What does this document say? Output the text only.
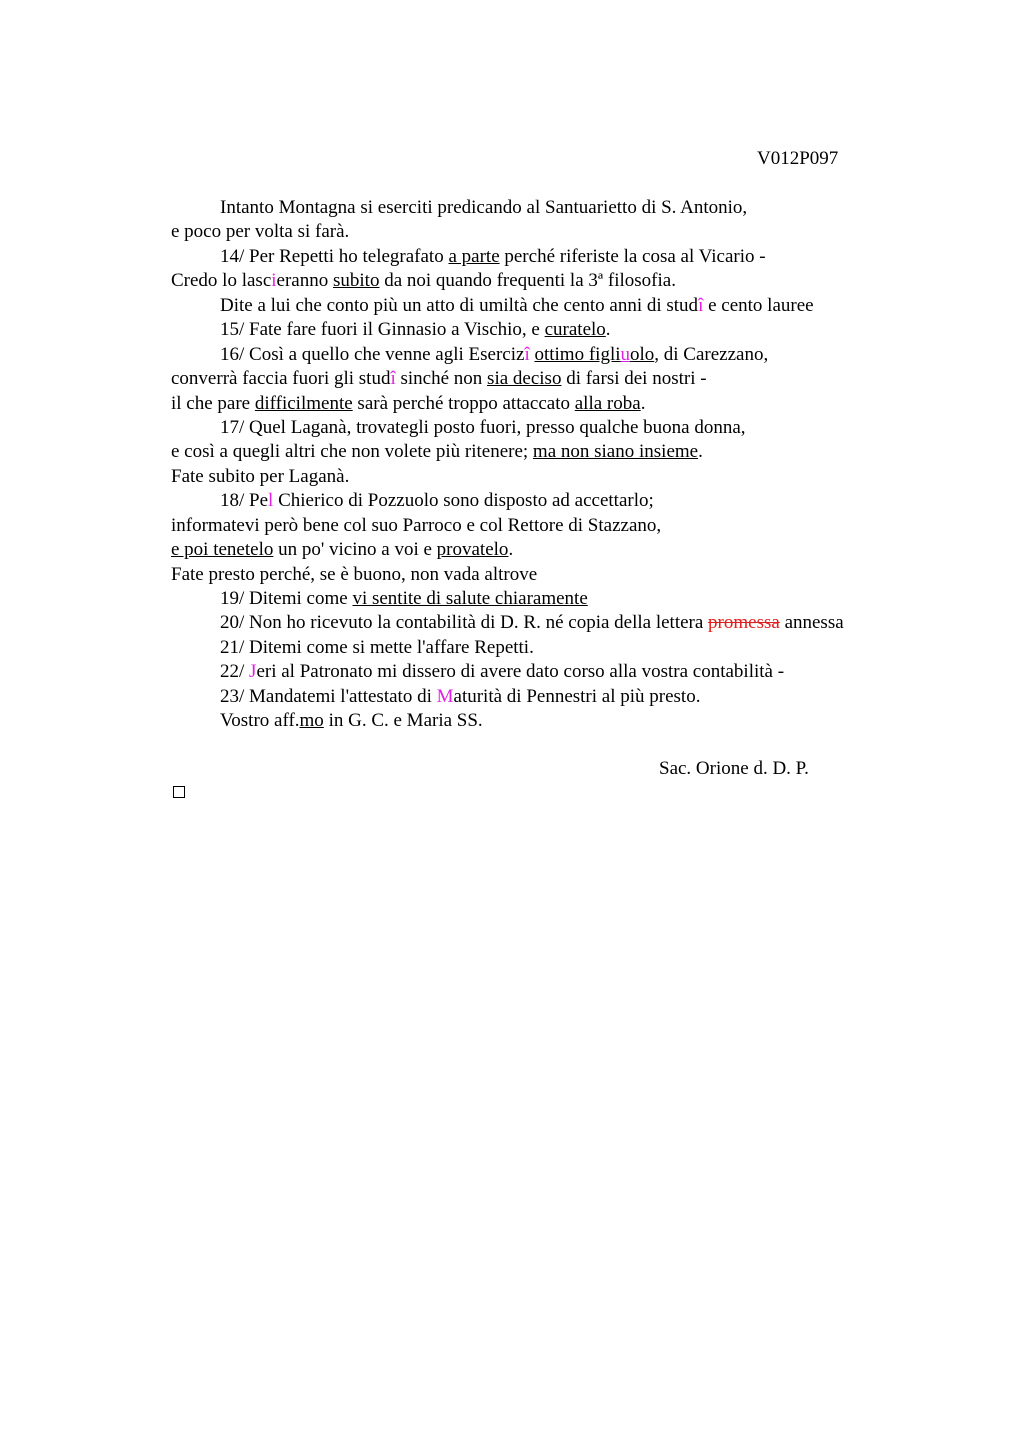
V012P097
Intanto Montagna si eserciti predicando al Santuarietto di S. Antonio,
e poco per volta si farà.
14/ Per Repetti ho telegrafato a parte perché riferiste la cosa al Vicario -
Credo lo lascieranno subito da noi quando frequenti la 3ª filosofia.
Dite a lui che conto più un atto di umiltà che cento anni di studî e cento lauree
15/ Fate fare fuori il Ginnasio a Vischio, e curatelo.
16/ Così a quello che venne agli Esercizî ottimo figliuolo, di Carezzano,
converrà faccia fuori gli studî sinché non sia deciso di farsi dei nostri -
il che pare difficilmente sarà perché troppo attaccato alla roba.
17/ Quel Laganà, trovategli posto fuori, presso qualche buona donna,
e così a quegli altri che non volete più ritenere; ma non siano insieme.
Fate subito per Laganà.
18/ Pel Chierico di Pozzuolo sono disposto ad accettarlo;
informatevi però bene col suo Parroco e col Rettore di Stazzano,
e poi tenetelo un po' vicino a voi e provatelo.
Fate presto perché, se è buono, non vada altrove
19/ Ditemi come vi sentite di salute chiaramente
20/ Non ho ricevuto la contabilità di D. R. né copia della lettera promessa annessa
21/ Ditemi come si mette l'affare Repetti.
22/ Jeri al Patronato mi dissero di avere dato corso alla vostra contabilità -
23/ Mandatemi l'attestato di Maturità di Pennestri al più presto.
Vostro aff.mo in G. C. e Maria SS.
Sac. Orione d. D. P.
